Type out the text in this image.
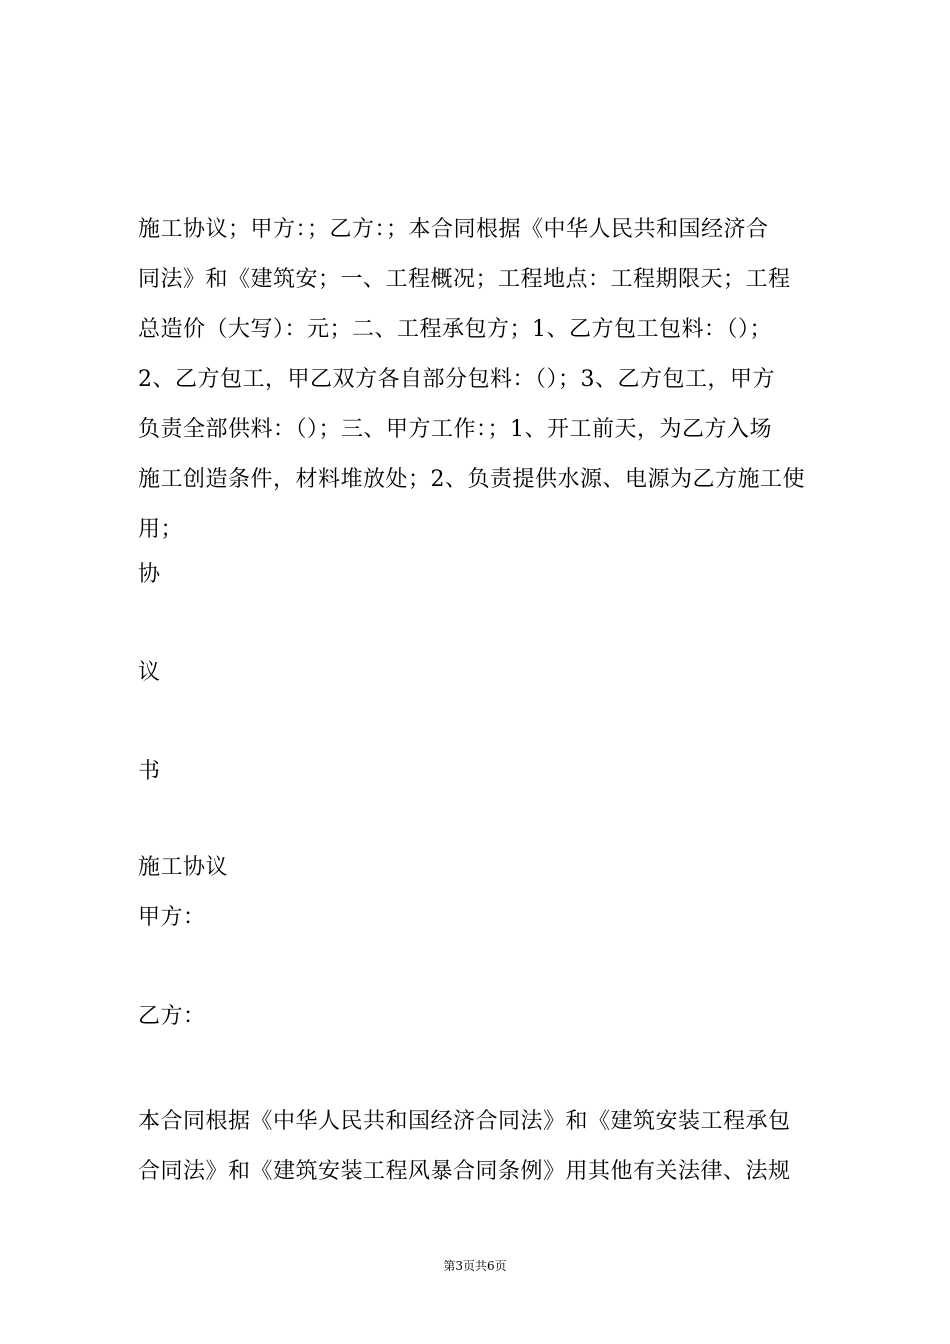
施工协议；甲方：；乙方：；本合同根据《中华人民共和国经济合
同法》和《建筑安；一、工程概况；工程地点：工程期限天；工程
总造价（大写）：元；二、工程承包方；1、乙方包工包料：（）；
2、乙方包工，甲乙双方各自部分包料：（）；3、乙方包工，甲方
负责全部供料：（）；三、甲方工作：；1、开工前天，为乙方入场
施工创造条件，材料堆放处；2、负责提供水源、电源为乙方施工使
用；

协

议

书

施工协议

甲方：

乙方：

本合同根据《中华人民共和国经济合同法》和《建筑安装工程承包
合同法》和《建筑安装工程风暴合同条例》用其他有关法律、法规
第3页共6页
